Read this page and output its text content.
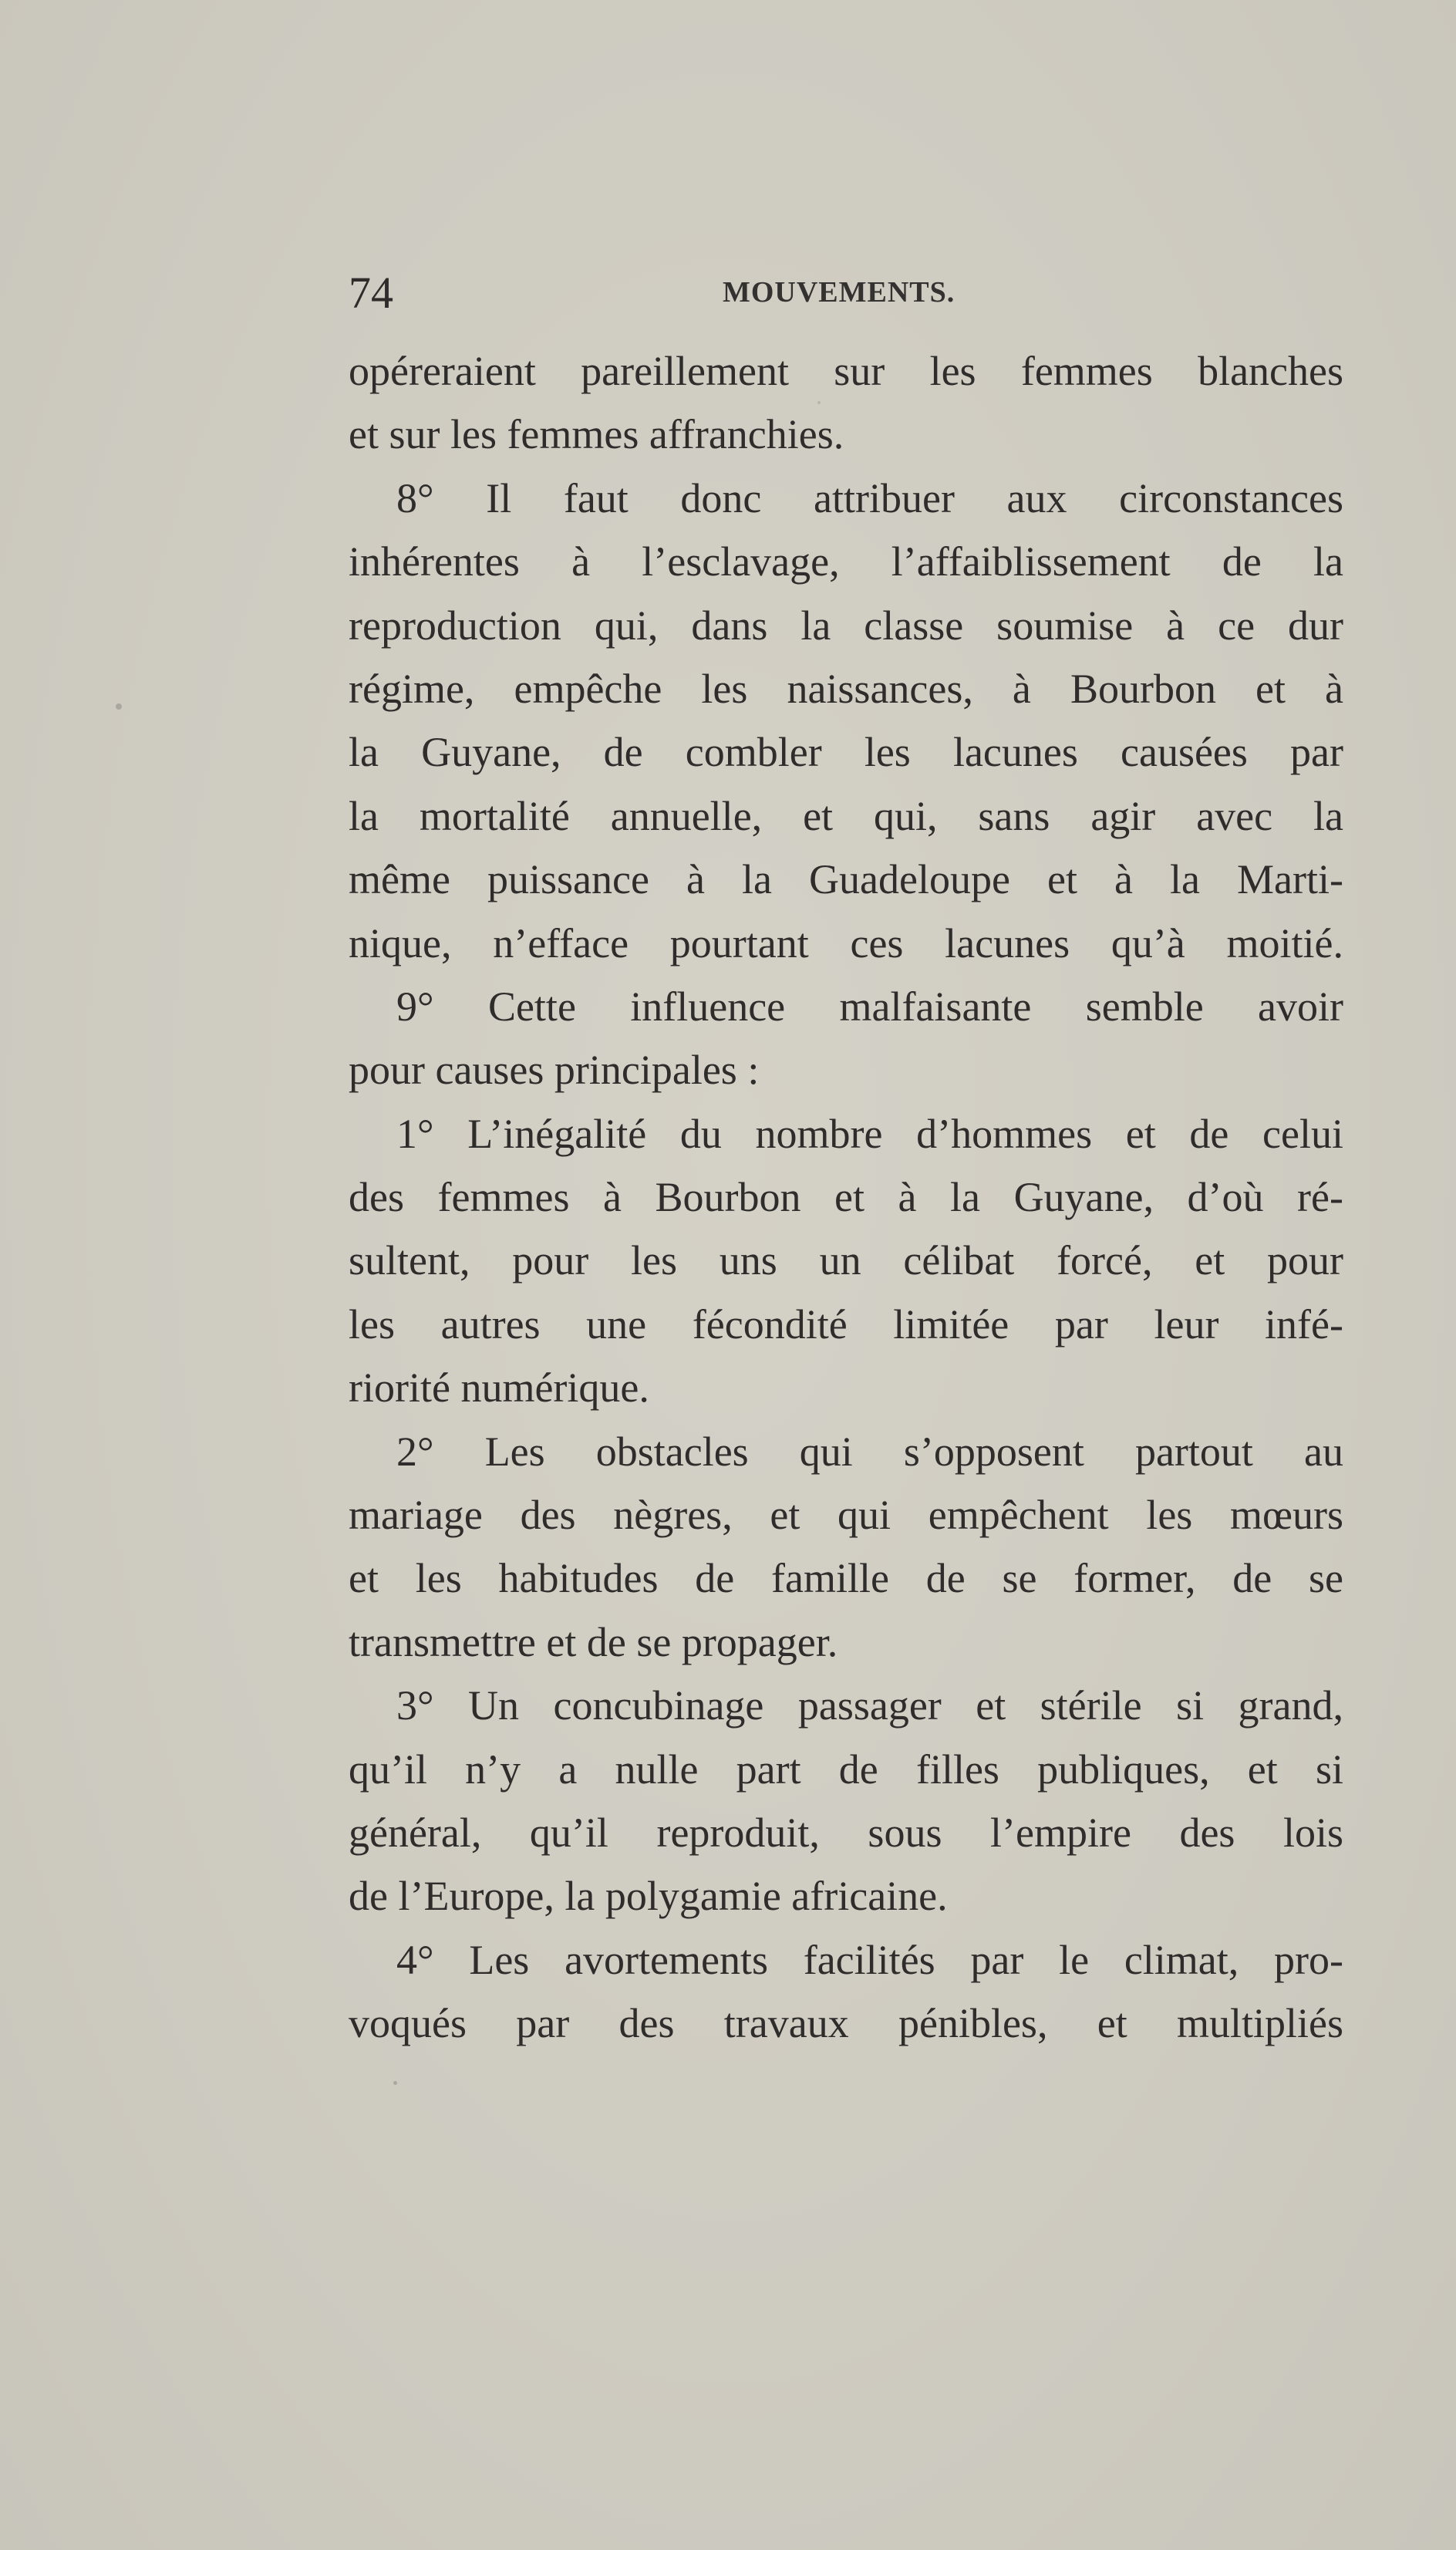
74	MOUVEMENTS.
opéreraient pareillement sur les femmes blanches
et sur les femmes affranchies.
8° Il faut donc attribuer aux circonstances
inhérentes à l’esclavage, l’affaiblissement de la
reproduction qui, dans la classe soumise à ce dur
régime, empêche les naissances, à Bourbon et à
la Guyane, de combler les lacunes causées par
la mortalité annuelle, et qui, sans agir avec la
même puissance à la Guadeloupe et à la Marti-
nique, n’efface pourtant ces lacunes qu’à moitié.
9° Cette influence malfaisante semble avoir
pour causes principales :
1° L’inégalité du nombre d’hommes et de celui
des femmes à Bourbon et à la Guyane, d’où ré-
sultent, pour les uns un célibat forcé, et pour
les autres une fécondité limitée par leur infé-
riorité numérique.
2° Les obstacles qui s’opposent partout au
mariage des nègres, et qui empêchent les mœurs
et les habitudes de famille de se former, de se
transmettre et de se propager.
3° Un concubinage passager et stérile si grand,
qu’il n’y a nulle part de filles publiques, et si
général, qu’il reproduit, sous l’empire des lois
de l’Europe, la polygamie africaine.
4° Les avortements facilités par le climat, pro-
voqués par des travaux pénibles, et multipliés
